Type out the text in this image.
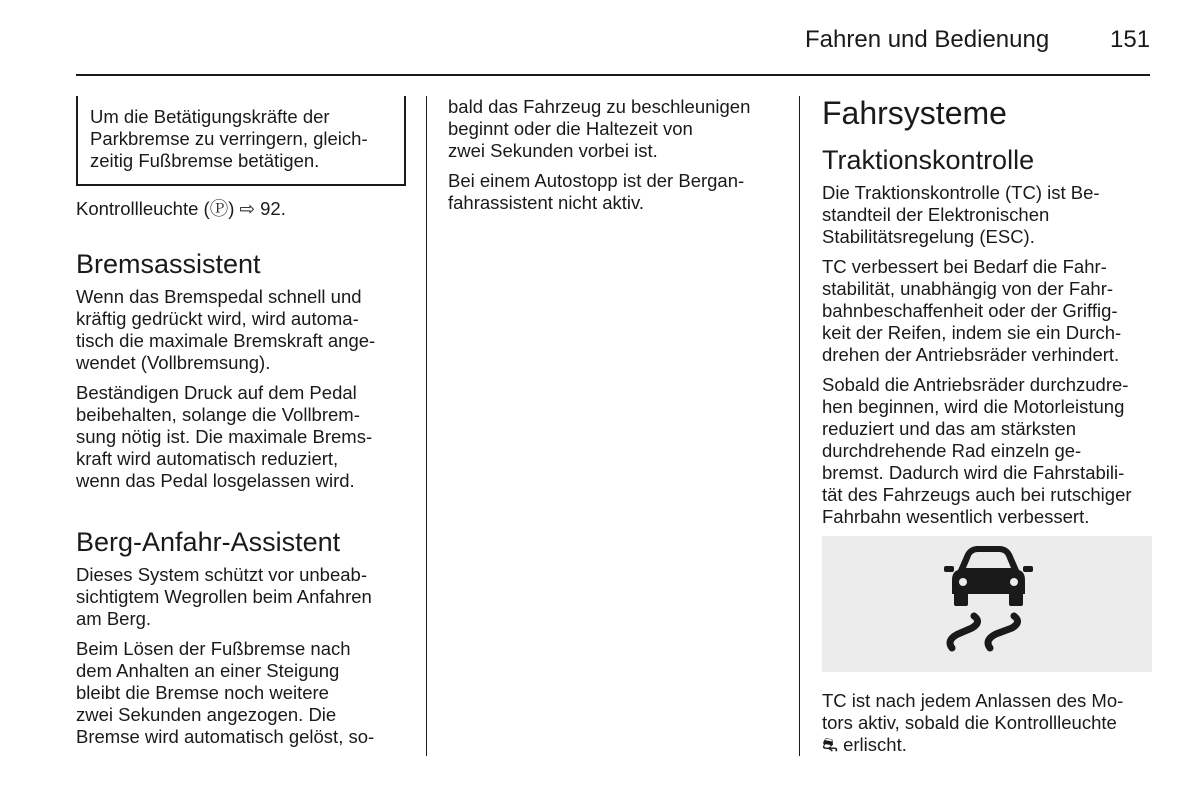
Fahren und Bedienung	151
Um die Betätigungskräfte der
Parkbremse zu verringern, gleich-
zeitig Fußbremse betätigen.

Kontrollleuchte (Ⓟ) ⇨ 92.

Bremsassistent

Wenn das Bremspedal schnell und
kräftig gedrückt wird, wird automa-
tisch die maximale Bremskraft ange-
wendet (Vollbremsung).

Beständigen Druck auf dem Pedal
beibehalten, solange die Vollbrem-
sung nötig ist. Die maximale Brems-
kraft wird automatisch reduziert,
wenn das Pedal losgelassen wird.

Berg-Anfahr-Assistent

Dieses System schützt vor unbeab-
sichtigtem Wegrollen beim Anfahren
am Berg.

Beim Lösen der Fußbremse nach
dem Anhalten an einer Steigung
bleibt die Bremse noch weitere
zwei Sekunden angezogen. Die
Bremse wird automatisch gelöst, so-

bald das Fahrzeug zu beschleunigen
beginnt oder die Haltezeit von
zwei Sekunden vorbei ist.

Bei einem Autostopp ist der Bergan-
fahrassistent nicht aktiv.

Fahrsysteme
Traktionskontrolle

Die Traktionskontrolle (TC) ist Be-
standteil der Elektronischen
Stabilitätsregelung (ESC).

TC verbessert bei Bedarf die Fahr-
stabilität, unabhängig von der Fahr-
bahnbeschaffenheit oder der Griffig-
keit der Reifen, indem sie ein Durch-
drehen der Antriebsräder verhindert.

Sobald die Antriebsräder durchzudre-
hen beginnen, wird die Motorleistung
reduziert und das am stärksten
durchdrehende Rad einzeln ge-
bremst. Dadurch wird die Fahrstabili-
tät des Fahrzeugs auch bei rutschiger
Fahrbahn wesentlich verbessert.

TC ist nach jedem Anlassen des Mo-
tors aktiv, sobald die Kontrollleuchte
⛐ erlischt.
